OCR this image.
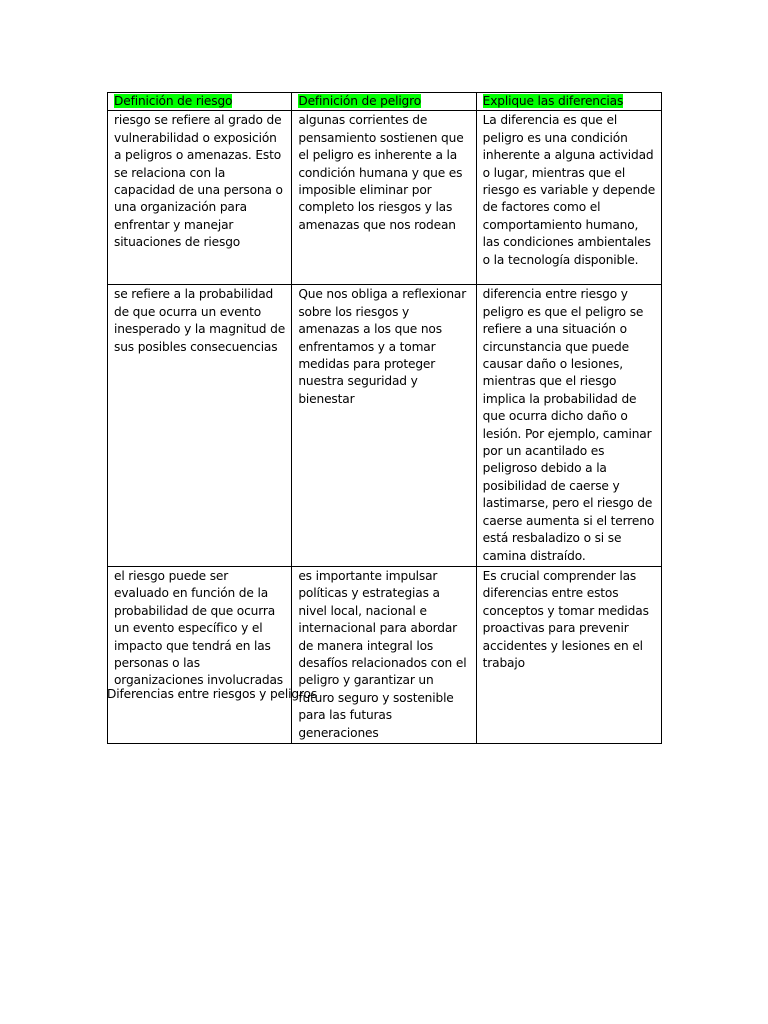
Definición de riesgo	Definición de peligro	Explique las diferencias
riesgo se refiere al grado de vulnerabilidad o exposición a peligros o amenazas. Esto se relaciona con la capacidad de una persona o una organización para enfrentar y manejar situaciones de riesgo	algunas corrientes de pensamiento sostienen que el peligro es inherente a la condición humana y que es imposible eliminar por completo los riesgos y las amenazas que nos rodean	La diferencia es que el peligro es una condición inherente a alguna actividad o lugar, mientras que el riesgo es variable y depende de factores como el comportamiento humano, las condiciones ambientales o la tecnología disponible.
se refiere a la probabilidad de que ocurra un evento inesperado y la magnitud de sus posibles consecuencias	Que nos obliga a reflexionar sobre los riesgos y amenazas a los que nos enfrentamos y a tomar medidas para proteger nuestra seguridad y bienestar	diferencia entre riesgo y peligro es que el peligro se refiere a una situación o circunstancia que puede causar daño o lesiones, mientras que el riesgo implica la probabilidad de que ocurra dicho daño o lesión. Por ejemplo, caminar por un acantilado es peligroso debido a la posibilidad de caerse y lastimarse, pero el riesgo de caerse aumenta si el terreno está resbaladizo o si se camina distraído.
el riesgo puede ser evaluado en función de la probabilidad de que ocurra un evento específico y el impacto que tendrá en las personas o las organizaciones involucradas	es importante impulsar políticas y estrategias a nivel local, nacional e internacional para abordar de manera integral los desafíos relacionados con el peligro y garantizar un futuro seguro y sostenible para las futuras generaciones	Es crucial comprender las diferencias entre estos conceptos y tomar medidas proactivas para prevenir accidentes y lesiones en el trabajo
Diferencias entre riesgos y peligros
